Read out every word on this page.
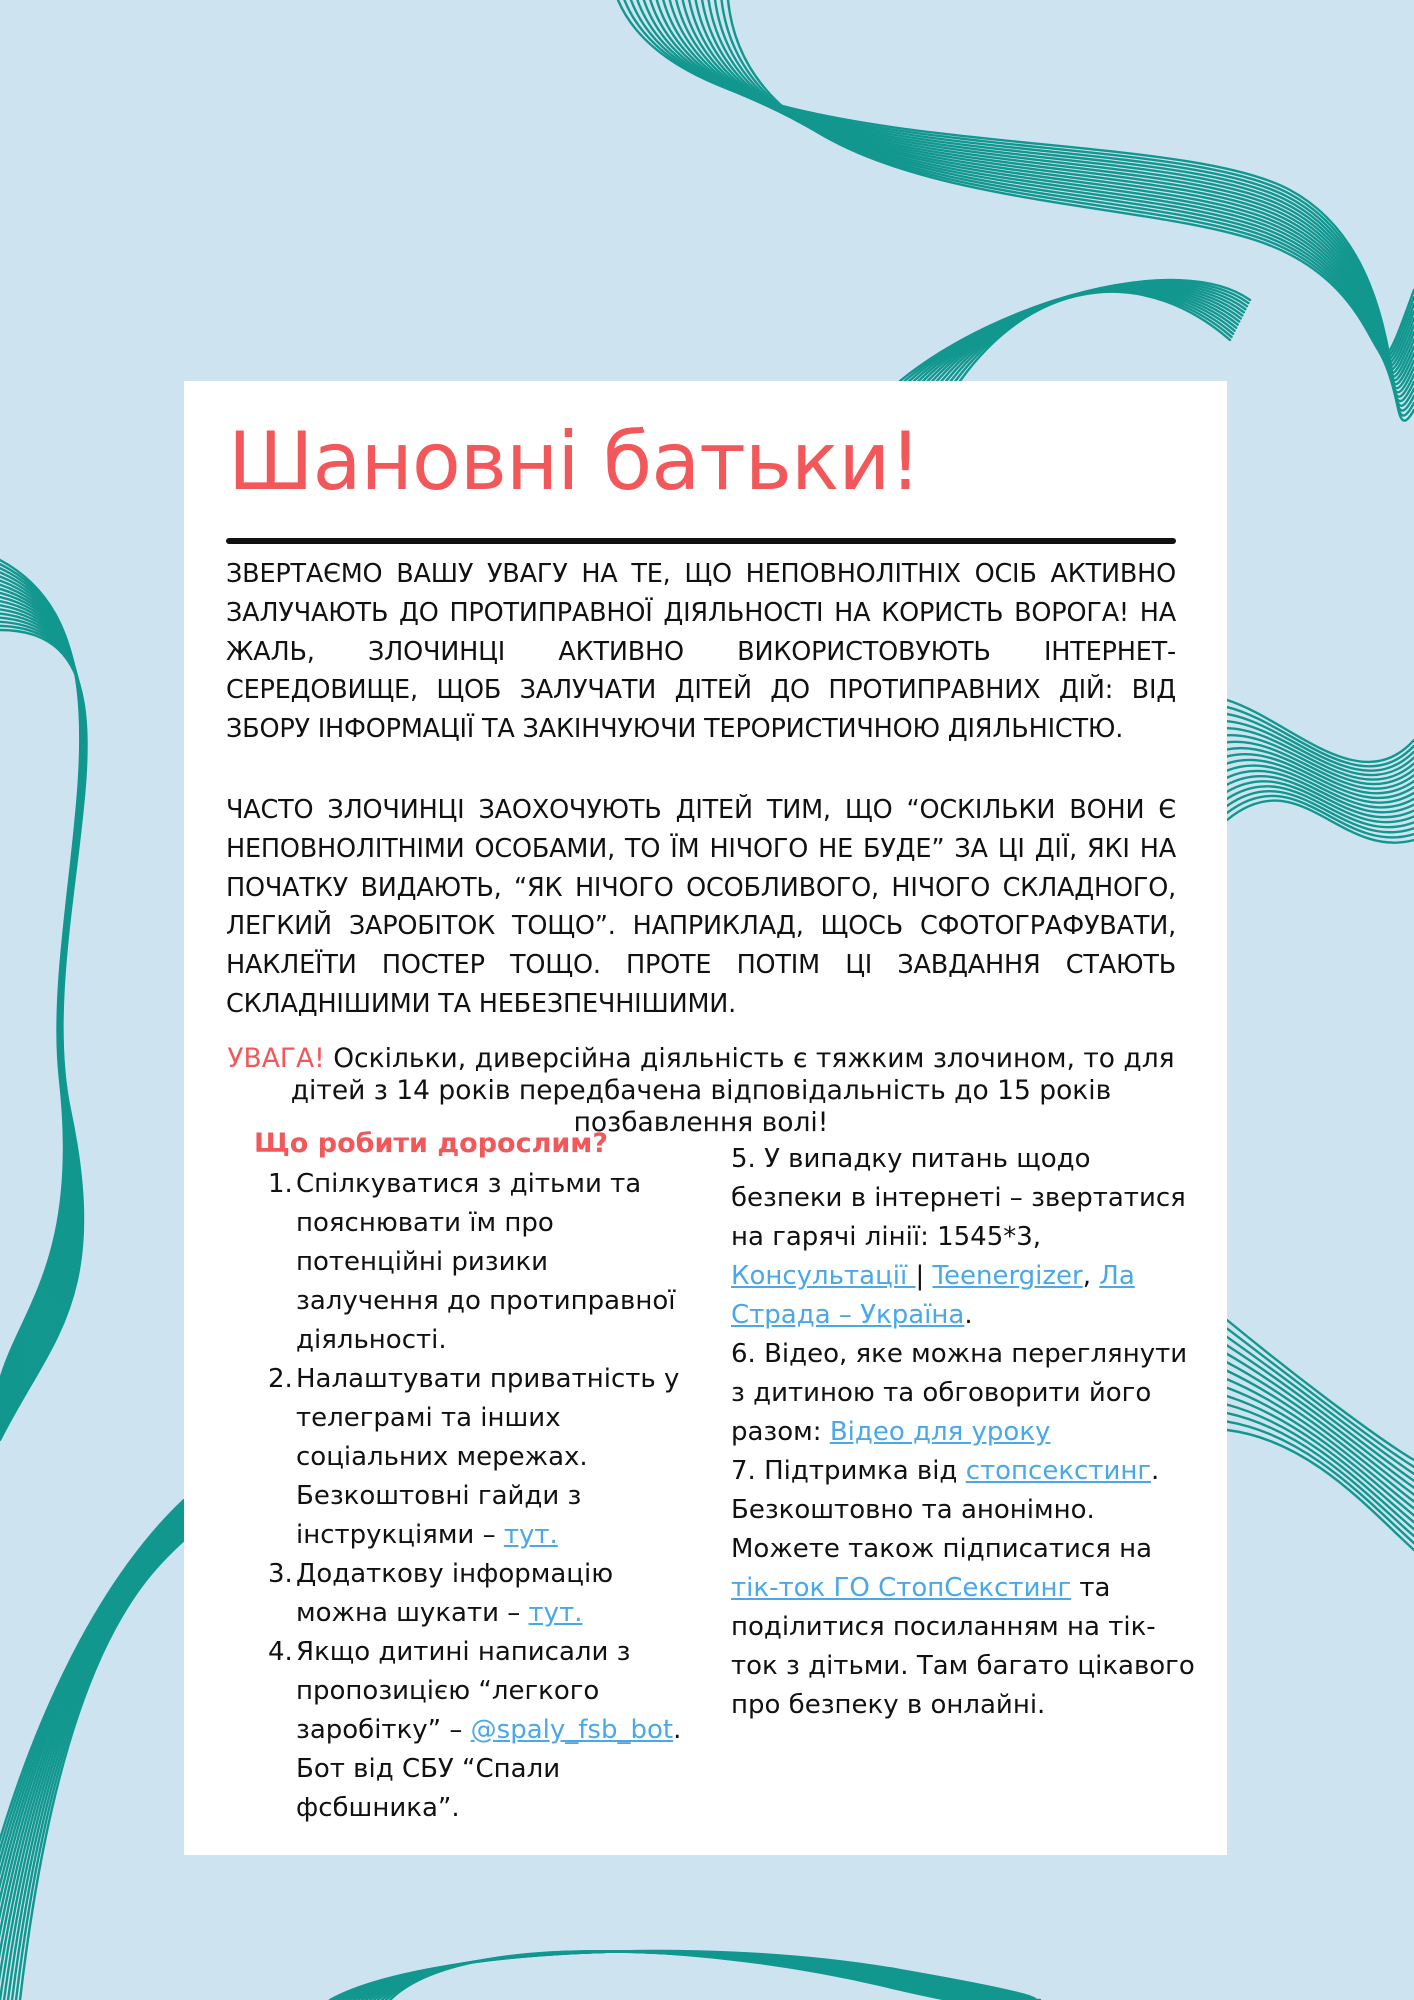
Шановні батьки!

ЗВЕРТАЄМО ВАШУ УВАГУ НА ТЕ, ЩО НЕПОВНОЛІТНІХ ОСІБ АКТИВНО ЗАЛУЧАЮТЬ ДО ПРОТИПРАВНОЇ ДІЯЛЬНОСТІ НА КОРИСТЬ ВОРОГА! НА ЖАЛЬ, ЗЛОЧИНЦІ АКТИВНО ВИКОРИСТОВУЮТЬ ІНТЕРНЕТ-СЕРЕДОВИЩЕ, ЩОБ ЗАЛУЧАТИ ДІТЕЙ ДО ПРОТИПРАВНИХ ДІЙ: ВІД ЗБОРУ ІНФОРМАЦІЇ ТА ЗАКІНЧУЮЧИ ТЕРОРИСТИЧНОЮ ДІЯЛЬНІСТЮ.

ЧАСТО ЗЛОЧИНЦІ ЗАОХОЧУЮТЬ ДІТЕЙ ТИМ, ЩО “ОСКІЛЬКИ ВОНИ Є НЕПОВНОЛІТНІМИ ОСОБАМИ, ТО ЇМ НІЧОГО НЕ БУДЕ” ЗА ЦІ ДІЇ, ЯКІ НА ПОЧАТКУ ВИДАЮТЬ, “ЯК НІЧОГО ОСОБЛИВОГО, НІЧОГО СКЛАДНОГО, ЛЕГКИЙ ЗАРОБІТОК ТОЩО”. НАПРИКЛАД, ЩОСЬ СФОТОГРАФУВАТИ, НАКЛЕЇТИ ПОСТЕР ТОЩО. ПРОТЕ ПОТІМ ЦІ ЗАВДАННЯ СТАЮТЬ СКЛАДНІШИМИ ТА НЕБЕЗПЕЧНІШИМИ.

УВАГА! Оскільки, диверсійна діяльність є тяжким злочином, то для дітей з 14 років передбачена відповідальність до 15 років позбавлення волі!

Що робити дорослим?
1. Спілкуватися з дітьми та пояснювати їм про потенційні ризики залучення до протиправної діяльності.
2. Налаштувати приватність у телеграмі та інших соціальних мережах. Безкоштовні гайди з інструкціями – тут.
3. Додаткову інформацію можна шукати – тут.
4. Якщо дитині написали з пропозицією “легкого заробітку” – @spaly_fsb_bot. Бот від СБУ “Спали фсбшника”.

5. У випадку питань щодо безпеки в інтернеті – звертатися на гарячі лінії: 1545*3, Консультації | Teenergizer, Ла Страда – Україна.

6. Відео, яке можна переглянути з дитиною та обговорити його разом: Відео для уроку

7. Підтримка від стопсекстинг. Безкоштовно та анонімно.

Можете також підписатися на тік-ток ГО СтопСекстинг та поділитися посиланням на тік-ток з дітьми. Там багато цікавого про безпеку в онлайні.
